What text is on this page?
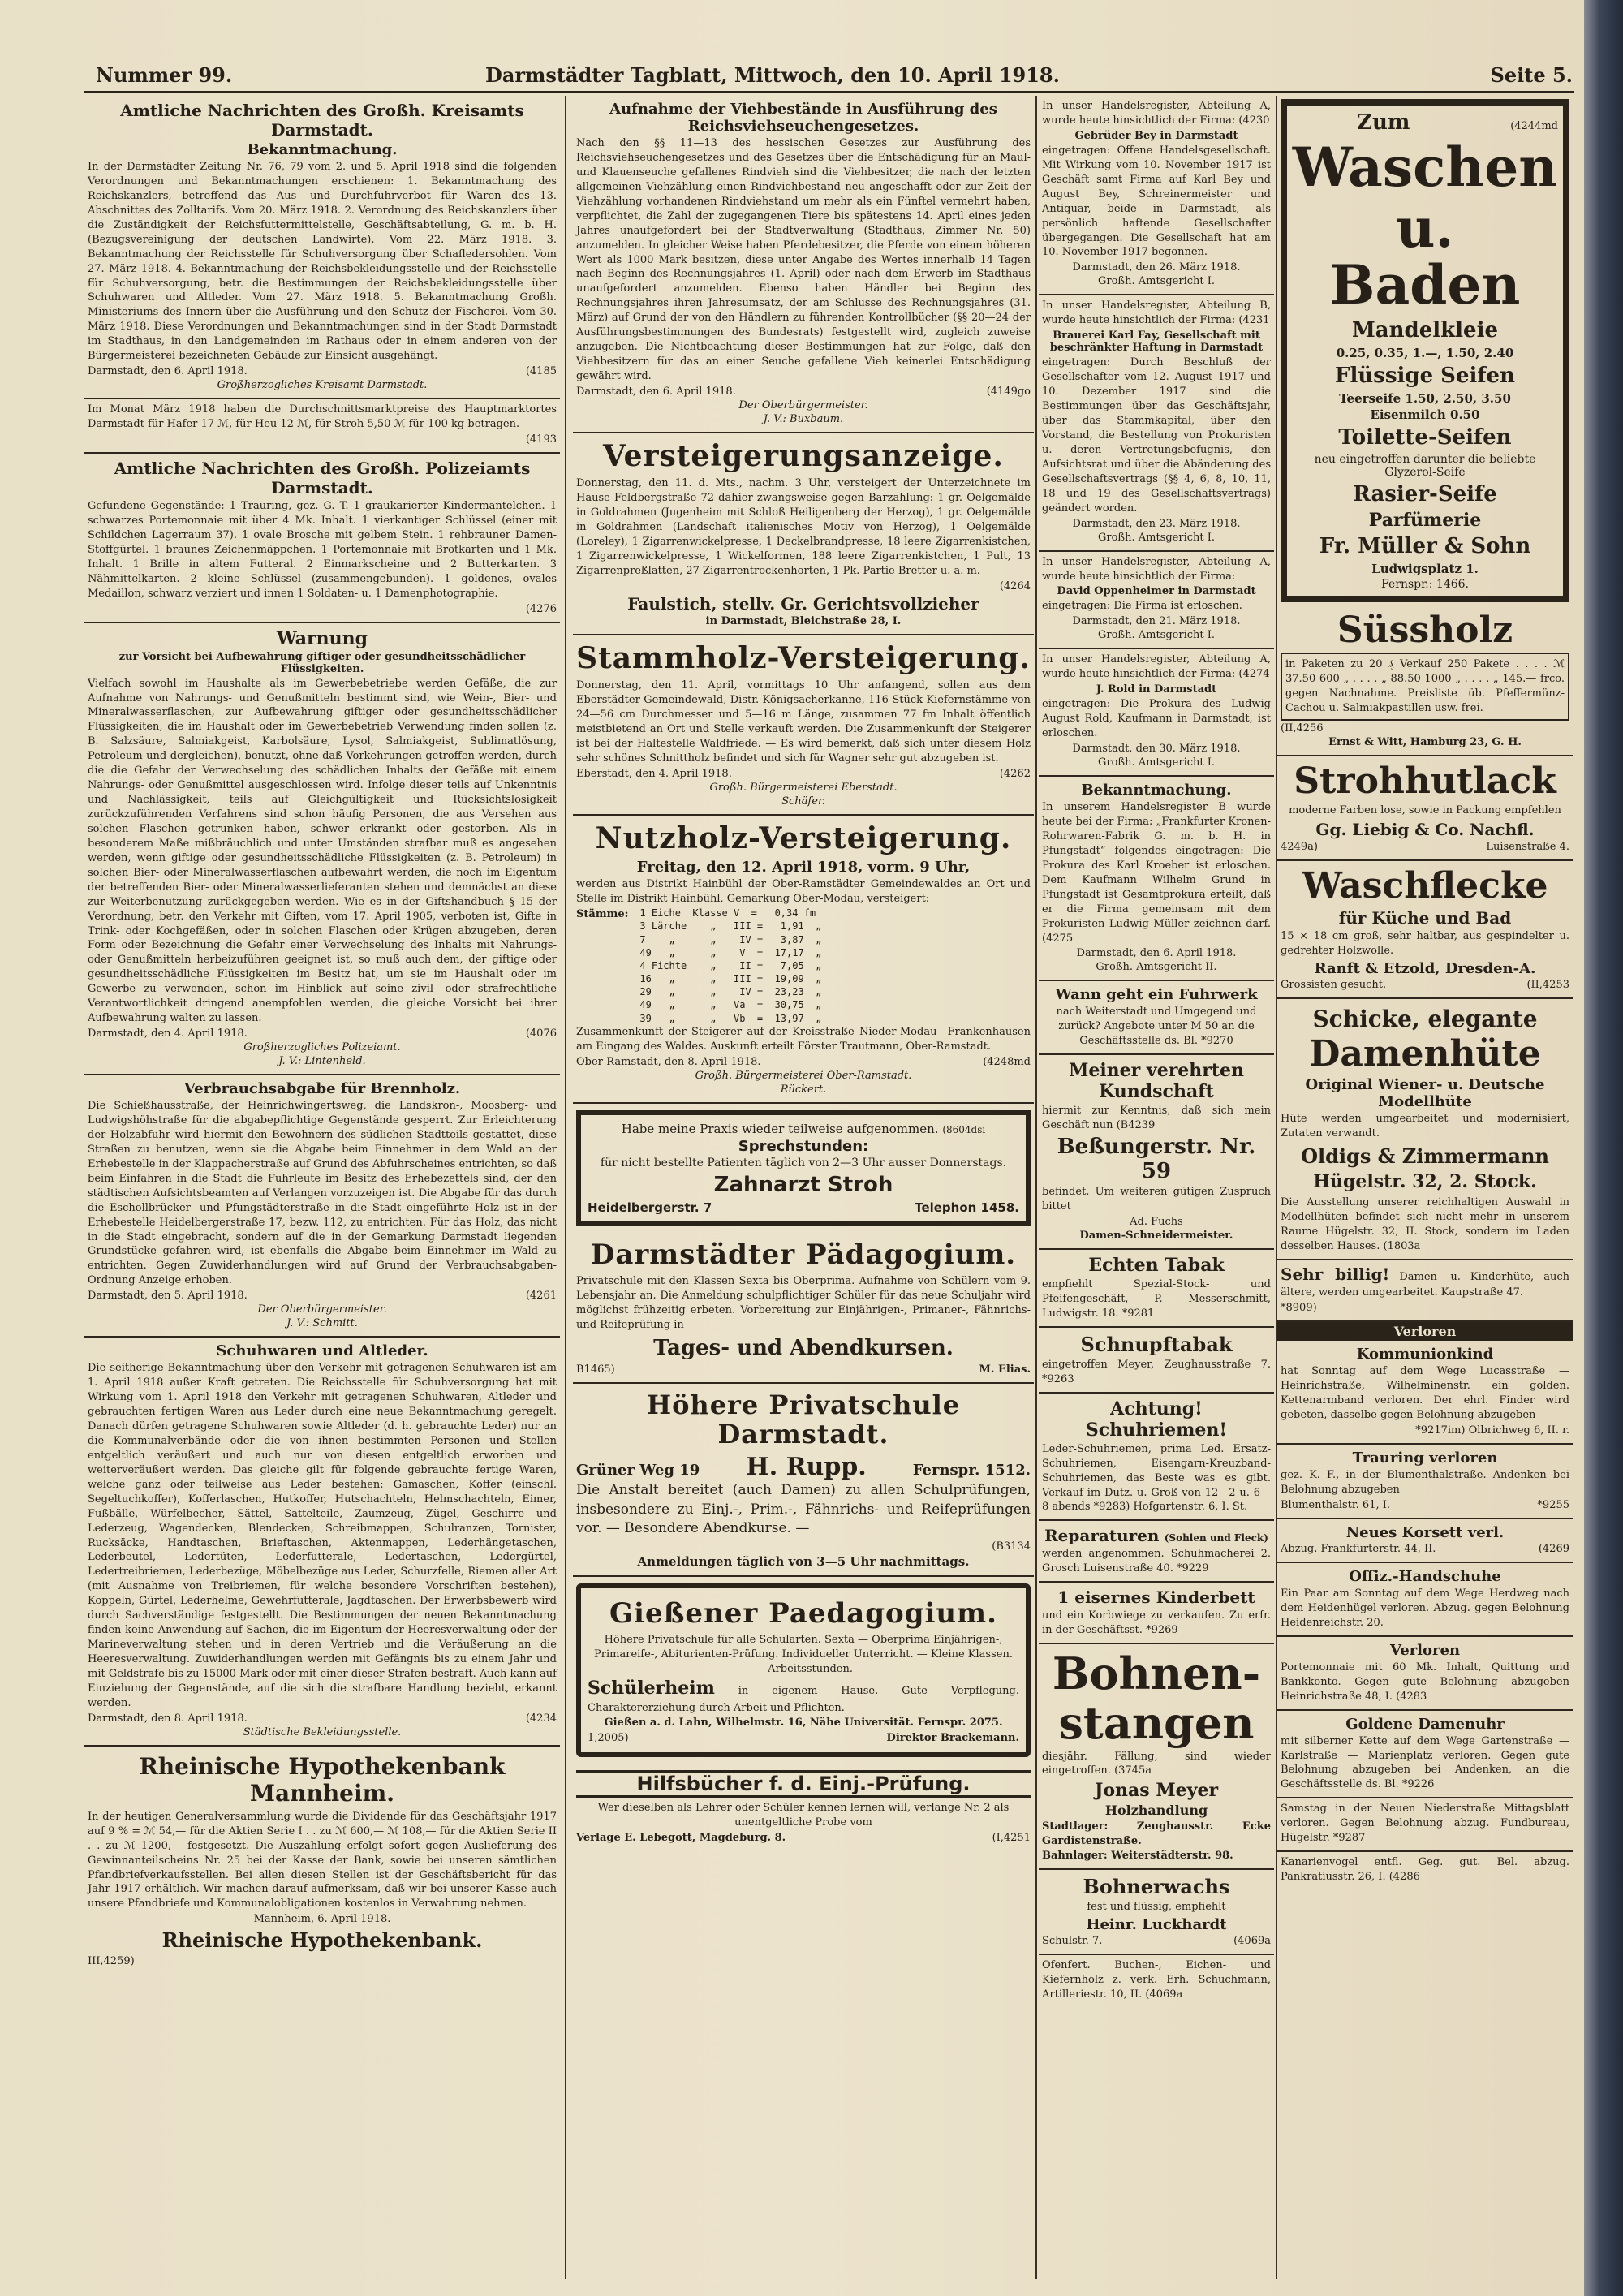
Nummer 99.	Darmstädter Tagblatt, Mittwoch, den 10. April 1918.	Seite 5.
Amtliche Nachrichten des Großh. Kreisamts Darmstadt.
Bekanntmachung.

In der Darmstädter Zeitung Nr. 76, 79 vom 2. und 5. April 1918 sind die folgenden Verordnungen und Bekanntmachungen erschienen: 1. Bekanntmachung des Reichskanzlers, betreffend das Aus- und Durchfuhrverbot für Waren des 13. Abschnittes des Zolltarifs. Vom 20. März 1918. 2. Verordnung des Reichskanzlers über die Zuständigkeit der Reichsfuttermittelstelle, Geschäftsabteilung, G. m. b. H. (Bezugsvereinigung der deutschen Landwirte). Vom 22. März 1918. 3. Bekanntmachung der Reichsstelle für Schuhversorgung über Schafledersohlen. Vom 27. März 1918. 4. Bekanntmachung der Reichsbekleidungsstelle und der Reichsstelle für Schuhversorgung, betr. die Bestimmungen der Reichsbekleidungsstelle über Schuhwaren und Altleder. Vom 27. März 1918. 5. Bekanntmachung Großh. Ministeriums des Innern über die Ausführung und den Schutz der Fischerei. Vom 30. März 1918. Diese Verordnungen und Bekanntmachungen sind in der Stadt Darmstadt im Stadthaus, in den Landgemeinden im Rathaus oder in einem anderen von der Bürgermeisterei bezeichneten Gebäude zur Einsicht ausgehängt.

Darmstadt, den 6. April 1918.	(4185
Großherzogliches Kreisamt Darmstadt.

Im Monat März 1918 haben die Durchschnittsmarktpreise des Hauptmarktortes Darmstadt für Hafer 17 ℳ, für Heu 12 ℳ, für Stroh 5,50 ℳ für 100 kg betragen.

(4193
Amtliche Nachrichten des Großh. Polizeiamts Darmstadt.

Gefundene Gegenstände: 1 Trauring, gez. G. T. 1 graukarierter Kindermantelchen. 1 schwarzes Portemonnaie mit über 4 Mk. Inhalt. 1 vierkantiger Schlüssel (einer mit Schildchen Lagerraum 37). 1 ovale Brosche mit gelbem Stein. 1 rehbrauner Damen-Stoffgürtel. 1 braunes Zeichenmäppchen. 1 Portemonnaie mit Brotkarten und 1 Mk. Inhalt. 1 Brille in altem Futteral. 2 Einmarkscheine und 2 Butterkarten. 3 Nähmittelkarten. 2 kleine Schlüssel (zusammengebunden). 1 goldenes, ovales Medaillon, schwarz verziert und innen 1 Soldaten- u. 1 Damenphotographie.

(4276
Warnung
zur Vorsicht bei Aufbewahrung giftiger oder gesundheitsschädlicher Flüssigkeiten.

Vielfach sowohl im Haushalte als im Gewerbebetriebe werden Gefäße, die zur Aufnahme von Nahrungs- und Genußmitteln bestimmt sind, wie Wein-, Bier- und Mineralwasserflaschen, zur Aufbewahrung giftiger oder gesundheitsschädlicher Flüssigkeiten, die im Haushalt oder im Gewerbebetrieb Verwendung finden sollen (z. B. Salzsäure, Salmiakgeist, Karbolsäure, Lysol, Salmiakgeist, Sublimatlösung, Petroleum und dergleichen), benutzt, ohne daß Vorkehrungen getroffen werden, durch die die Gefahr der Verwechselung des schädlichen Inhalts der Gefäße mit einem Nahrungs- oder Genußmittel ausgeschlossen wird. Infolge dieser teils auf Unkenntnis und Nachlässigkeit, teils auf Gleichgültigkeit und Rücksichtslosigkeit zurückzuführenden Verfahrens sind schon häufig Personen, die aus Versehen aus solchen Flaschen getrunken haben, schwer erkrankt oder gestorben. Als in besonderem Maße mißbräuchlich und unter Umständen strafbar muß es angesehen werden, wenn giftige oder gesundheitsschädliche Flüssigkeiten (z. B. Petroleum) in solchen Bier- oder Mineralwasserflaschen aufbewahrt werden, die noch im Eigentum der betreffenden Bier- oder Mineralwasserlieferanten stehen und demnächst an diese zur Weiterbenutzung zurückgegeben werden. Wie es in der Giftshandbuch § 15 der Verordnung, betr. den Verkehr mit Giften, vom 17. April 1905, verboten ist, Gifte in Trink- oder Kochgefäßen, oder in solchen Flaschen oder Krügen abzugeben, deren Form oder Bezeichnung die Gefahr einer Verwechselung des Inhalts mit Nahrungs- oder Genußmitteln herbeizuführen geeignet ist, so muß auch dem, der giftige oder gesundheitsschädliche Flüssigkeiten im Besitz hat, um sie im Haushalt oder im Gewerbe zu verwenden, schon im Hinblick auf seine zivil- oder strafrechtliche Verantwortlichkeit dringend anempfohlen werden, die gleiche Vorsicht bei ihrer Aufbewahrung walten zu lassen.

Darmstadt, den 4. April 1918.	(4076
Großherzogliches Polizeiamt.
J. V.: Lintenheld.
Verbrauchsabgabe für Brennholz.

Die Schießhausstraße, der Heinrichwingertsweg, die Landskron-, Moosberg- und Ludwigshöhstraße für die abgabepflichtige Gegenstände gesperrt. Zur Erleichterung der Holzabfuhr wird hiermit den Bewohnern des südlichen Stadtteils gestattet, diese Straßen zu benutzen, wenn sie die Abgabe beim Einnehmer in dem Wald an der Erhebestelle in der Klappacherstraße auf Grund des Abfuhrscheines entrichten, so daß beim Einfahren in die Stadt die Fuhrleute im Besitz des Erhebezettels sind, der den städtischen Aufsichtsbeamten auf Verlangen vorzuzeigen ist. Die Abgabe für das durch die Eschollbrücker- und Pfungstädterstraße in die Stadt eingeführte Holz ist in der Erhebestelle Heidelbergerstraße 17, bezw. 112, zu entrichten. Für das Holz, das nicht in die Stadt eingebracht, sondern auf die in der Gemarkung Darmstadt liegenden Grundstücke gefahren wird, ist ebenfalls die Abgabe beim Einnehmer im Wald zu entrichten. Gegen Zuwiderhandlungen wird auf Grund der Verbrauchsabgaben-Ordnung Anzeige erhoben.

Darmstadt, den 5. April 1918.	(4261
Der Oberbürgermeister.
J. V.: Schmitt.
Schuhwaren und Altleder.

Die seitherige Bekanntmachung über den Verkehr mit getragenen Schuhwaren ist am 1. April 1918 außer Kraft getreten. Die Reichsstelle für Schuhversorgung hat mit Wirkung vom 1. April 1918 den Verkehr mit getragenen Schuhwaren, Altleder und gebrauchten fertigen Waren aus Leder durch eine neue Bekanntmachung geregelt. Danach dürfen getragene Schuhwaren sowie Altleder (d. h. gebrauchte Leder) nur an die Kommunalverbände oder die von ihnen bestimmten Personen und Stellen entgeltlich veräußert und auch nur von diesen entgeltlich erworben und weiterveräußert werden. Das gleiche gilt für folgende gebrauchte fertige Waren, welche ganz oder teilweise aus Leder bestehen: Gamaschen, Koffer (einschl. Segeltuchkoffer), Kofferlaschen, Hutkoffer, Hutschachteln, Helmschachteln, Eimer, Fußbälle, Würfelbecher, Sättel, Sattelteile, Zaumzeug, Zügel, Geschirre und Lederzeug, Wagendecken, Blendecken, Schreibmappen, Schulranzen, Tornister, Rucksäcke, Handtaschen, Brieftaschen, Aktenmappen, Lederhängetaschen, Lederbeutel, Ledertüten, Lederfutterale, Ledertaschen, Ledergürtel, Ledertreibriemen, Lederbezüge, Möbelbezüge aus Leder, Schurzfelle, Riemen aller Art (mit Ausnahme von Treibriemen, für welche besondere Vorschriften bestehen), Koppeln, Gürtel, Lederhelme, Gewehrfutterale, Jagdtaschen. Der Erwerbsbewerb wird durch Sachverständige festgestellt. Die Bestimmungen der neuen Bekanntmachung finden keine Anwendung auf Sachen, die im Eigentum der Heeresverwaltung oder der Marineverwaltung stehen und in deren Vertrieb und die Veräußerung an die Heeresverwaltung. Zuwiderhandlungen werden mit Gefängnis bis zu einem Jahr und mit Geldstrafe bis zu 15000 Mark oder mit einer dieser Strafen bestraft. Auch kann auf Einziehung der Gegenstände, auf die sich die strafbare Handlung bezieht, erkannt werden.

Darmstadt, den 8. April 1918.	(4234
Städtische Bekleidungsstelle.
Rheinische Hypothekenbank Mannheim.

In der heutigen Generalversammlung wurde die Dividende für das Geschäftsjahr 1917 auf 9 % = ℳ 54,— für die Aktien Serie I . . zu ℳ 600,— ℳ 108,— für die Aktien Serie II . . zu ℳ 1200,— festgesetzt. Die Auszahlung erfolgt sofort gegen Auslieferung des Gewinnanteilscheins Nr. 25 bei der Kasse der Bank, sowie bei unseren sämtlichen Pfandbriefverkaufsstellen. Bei allen diesen Stellen ist der Geschäftsbericht für das Jahr 1917 erhältlich. Wir machen darauf aufmerksam, daß wir bei unserer Kasse auch unsere Pfandbriefe und Kommunalobligationen kostenlos in Verwahrung nehmen.

Mannheim, 6. April 1918.
Rheinische Hypothekenbank.
III,4259)
Aufnahme der Viehbestände in Ausführung des Reichsviehseuchengesetzes.

Nach den §§ 11—13 des hessischen Gesetzes zur Ausführung des Reichsviehseuchengesetzes und des Gesetzes über die Entschädigung für an Maul- und Klauenseuche gefallenes Rindvieh sind die Viehbesitzer, die nach der letzten allgemeinen Viehzählung einen Rindviehbestand neu angeschafft oder zur Zeit der Viehzählung vorhandenen Rindviehstand um mehr als ein Fünftel vermehrt haben, verpflichtet, die Zahl der zugegangenen Tiere bis spätestens 14. April eines jeden Jahres unaufgefordert bei der Stadtverwaltung (Stadthaus, Zimmer Nr. 50) anzumelden. In gleicher Weise haben Pferdebesitzer, die Pferde von einem höheren Wert als 1000 Mark besitzen, diese unter Angabe des Wertes innerhalb 14 Tagen nach Beginn des Rechnungsjahres (1. April) oder nach dem Erwerb im Stadthaus unaufgefordert anzumelden. Ebenso haben Händler bei Beginn des Rechnungsjahres ihren Jahresumsatz, der am Schlusse des Rechnungsjahres (31. März) auf Grund der von den Händlern zu führenden Kontrollbücher (§§ 20—24 der Ausführungsbestimmungen des Bundesrats) festgestellt wird, zugleich zuweise anzugeben. Die Nichtbeachtung dieser Bestimmungen hat zur Folge, daß den Viehbesitzern für das an einer Seuche gefallene Vieh keinerlei Entschädigung gewährt wird.

Darmstadt, den 6. April 1918.	(4149go
Der Oberbürgermeister.
J. V.: Buxbaum.
Versteigerungsanzeige.

Donnerstag, den 11. d. Mts., nachm. 3 Uhr, versteigert der Unterzeichnete im Hause Feldbergstraße 72 dahier zwangsweise gegen Barzahlung: 1 gr. Oelgemälde in Goldrahmen (Jugenheim mit Schloß Heiligenberg der Herzog), 1 gr. Oelgemälde in Goldrahmen (Landschaft italienisches Motiv von Herzog), 1 Oelgemälde (Loreley), 1 Zigarrenwickelpresse, 1 Deckelbrandpresse, 18 leere Zigarrenkistchen, 1 Zigarrenwickelpresse, 1 Wickelformen, 188 leere Zigarrenkistchen, 1 Pult, 13 Zigarrenpreßlatten, 27 Zigarrentrockenhorten, 1 Pk. Partie Bretter u. a. m.

(4264
Faulstich, stellv. Gr. Gerichtsvollzieher
in Darmstadt, Bleichstraße 28, I.
Stammholz-Versteigerung.

Donnerstag, den 11. April, vormittags 10 Uhr anfangend, sollen aus dem Eberstädter Gemeindewald, Distr. Königsacherkanne, 116 Stück Kiefernstämme von 24—56 cm Durchmesser und 5—16 m Länge, zusammen 77 fm Inhalt öffentlich meistbietend an Ort und Stelle verkauft werden. Die Zusammenkunft der Steigerer ist bei der Haltestelle Waldfriede. — Es wird bemerkt, daß sich unter diesem Holz sehr schönes Schnittholz befindet und sich für Wagner sehr gut abzugeben ist.

Eberstadt, den 4. April 1918.	(4262
Großh. Bürgermeisterei Eberstadt.
Schäfer.
Nutzholz-Versteigerung.
Freitag, den 12. April 1918, vorm. 9 Uhr,

werden aus Distrikt Hainbühl der Ober-Ramstädter Gemeindewaldes an Ort und Stelle im Distrikt Hainbühl, Gemarkung Ober-Modau, versteigert:

Stämme: 1 Eiche  Klasse V  =   0,34 fm
3 Lärche    „   III =   1,91  „
7    „      „    IV =   3,87  „
49   „      „    V  =  17,17  „
4 Fichte    „    II =   7,05  „
16   „      „   III =  19,09  „
29   „      „    IV =  23,23  „
49   „      „   Va  =  30,75  „
39   „      „   Vb  =  13,97  „

Zusammenkunft der Steigerer auf der Kreisstraße Nieder-Modau—Frankenhausen am Eingang des Waldes. Auskunft erteilt Förster Trautmann, Ober-Ramstadt.

Ober-Ramstadt, den 8. April 1918.	(4248md
Großh. Bürgermeisterei Ober-Ramstadt.
Rückert.
Habe meine Praxis wieder teilweise aufgenommen. (8604dsi
Sprechstunden:
für nicht bestellte Patienten täglich von 2—3 Uhr ausser Donnerstags.
Zahnarzt Stroh
Heidelbergerstr. 7	Telephon 1458.
Darmstädter Pädagogium.

Privatschule mit den Klassen Sexta bis Oberprima. Aufnahme von Schülern vom 9. Lebensjahr an. Die Anmeldung schulpflichtiger Schüler für das neue Schuljahr wird möglichst frühzeitig erbeten. Vorbereitung zur Einjährigen-, Primaner-, Fähnrichs- und Reifeprüfung in

Tages- und Abendkursen.
B1465)	M. Elias.
Höhere Privatschule Darmstadt.
Grüner Weg 19 H. Rupp.	Fernspr. 1512.

Die Anstalt bereitet (auch Damen) zu allen Schulprüfungen, insbesondere zu Einj.-, Prim.-, Fähnrichs- und Reifeprüfungen vor. — Besondere Abendkurse. —

(B3134
Anmeldungen täglich von 3—5 Uhr nachmittags.
Gießener Paedagogium.

Höhere Privatschule für alle Schularten. Sexta — Oberprima Einjährigen-, Primareife-, Abiturienten-Prüfung. Individueller Unterricht. — Kleine Klassen. — Arbeitsstunden.

Schülerheim in eigenem Hause. Gute Verpflegung. Charaktererziehung durch Arbeit und Pflichten.

Gießen a. d. Lahn, Wilhelmstr. 16, Nähe Universität. Fernspr. 2075.

1,2005)	Direktor Brackemann.
Hilfsbücher f. d. Einj.-Prüfung.

Wer dieselben als Lehrer oder Schüler kennen lernen will, verlange Nr. 2 als unentgeltliche Probe vom

Verlage E. Lebegott, Magdeburg. 8.	(I,4251

In unser Handelsregister, Abteilung A, wurde heute hinsichtlich der Firma: (4230

Gebrüder Bey in Darmstadt

eingetragen: Offene Handelsgesellschaft. Mit Wirkung vom 10. November 1917 ist Geschäft samt Firma auf Karl Bey und August Bey, Schreinermeister und Antiquar, beide in Darmstadt, als persönlich haftende Gesellschafter übergegangen. Die Gesellschaft hat am 10. November 1917 begonnen.

Darmstadt, den 26. März 1918.
Großh. Amtsgericht I.

In unser Handelsregister, Abteilung B, wurde heute hinsichtlich der Firma: (4231

Brauerei Karl Fay, Gesellschaft mit beschränkter Haftung in Darmstadt

eingetragen: Durch Beschluß der Gesellschafter vom 12. August 1917 und 10. Dezember 1917 sind die Bestimmungen über das Geschäftsjahr, über das Stammkapital, über den Vorstand, die Bestellung von Prokuristen u. deren Vertretungsbefugnis, den Aufsichtsrat und über die Abänderung des Gesellschaftsvertrags (§§ 4, 6, 8, 10, 11, 18 und 19 des Gesellschaftsvertrags) geändert worden.

Darmstadt, den 23. März 1918.
Großh. Amtsgericht I.

In unser Handelsregister, Abteilung A, wurde heute hinsichtlich der Firma:

David Oppenheimer in Darmstadt

eingetragen: Die Firma ist erloschen.

Darmstadt, den 21. März 1918.
Großh. Amtsgericht I.

In unser Handelsregister, Abteilung A, wurde heute hinsichtlich der Firma: (4274

J. Rold in Darmstadt

eingetragen: Die Prokura des Ludwig August Rold, Kaufmann in Darmstadt, ist erloschen.

Darmstadt, den 30. März 1918.
Großh. Amtsgericht I.
Bekanntmachung.

In unserem Handelsregister B wurde heute bei der Firma: „Frankfurter Kronen-Rohrwaren-Fabrik G. m. b. H. in Pfungstadt“ folgendes eingetragen: Die Prokura des Karl Kroeber ist erloschen. Dem Kaufmann Wilhelm Grund in Pfungstadt ist Gesamtprokura erteilt, daß er die Firma gemeinsam mit dem Prokuristen Ludwig Müller zeichnen darf. (4275

Darmstadt, den 6. April 1918.
Großh. Amtsgericht II.
Wann geht ein Fuhrwerk

nach Weiterstadt und Umgegend und zurück? Angebote unter M 50 an die Geschäftsstelle ds. Bl. *9270

Meiner verehrten Kundschaft

hiermit zur Kenntnis, daß sich mein Geschäft nun (B4239

Beßungerstr. Nr. 59

befindet. Um weiteren gütigen Zuspruch bittet

Ad. Fuchs
Damen-Schneidermeister.
Echten Tabak

empfiehlt Spezial-Stock- und Pfeifengeschäft, P. Messerschmitt, Ludwigstr. 18. *9281

Schnupftabak

eingetroffen Meyer, Zeughausstraße 7. *9263

Achtung! Schuhriemen!

Leder-Schuhriemen, prima Led. Ersatz-Schuhriemen, Eisengarn-Kreuzband-Schuhriemen, das Beste was es gibt. Verkauf im Dutz. u. Groß von 12—2 u. 6—8 abends *9283) Hofgartenstr. 6, I. St.

Reparaturen (Sohlen und Fleck)

werden angenommen. Schuhmacherei 2. Grosch Luisenstraße 40. *9229

1 eisernes Kinderbett

und ein Korbwiege zu verkaufen. Zu erfr. in der Geschäftsst. *9269

Bohnen-
stangen

diesjähr. Fällung, sind wieder eingetroffen. (3745a

Jonas Meyer
Holzhandlung

Stadtlager: Zeughausstr. Ecke Gardistenstraße.

Bahnlager: Weiterstädterstr. 98.

Bohnerwachs

fest und flüssig, empfiehlt

Heinr. Luckhardt
Schulstr. 7.	(4069a

Ofenfert. Buchen-, Eichen- und Kiefernholz z. verk. Erh. Schuchmann, Artilleriestr. 10, II. (4069a

Zum	(4244md
Waschen
u. Baden
Mandelkleie
0.25, 0.35, 1.—, 1.50, 2.40
Flüssige Seifen
Teerseife 1.50, 2.50, 3.50
Eisenmilch 0.50
Toilette-Seifen
neu eingetroffen darunter die beliebte Glyzerol-Seife
Rasier-Seife
Parfümerie
Fr. Müller & Sohn
Ludwigsplatz 1.
Fernspr.: 1466.
Süssholz

in Paketen zu 20 ₰ Verkauf 250 Pakete . . . . ℳ 37.50 600 „ . . . . „ 88.50 1000 „ . . . . „ 145.— frco. gegen Nachnahme. Preisliste üb. Pfeffermünz-Cachou u. Salmiakpastillen usw. frei.

(II,4256
Ernst & Witt, Hamburg 23, G. H.
Strohhutlack

moderne Farben lose, sowie in Packung empfehlen

Gg. Liebig & Co. Nachfl.
4249a)	Luisenstraße 4.
Waschflecke
für Küche und Bad

15 × 18 cm groß, sehr haltbar, aus gespindelter u. gedrehter Holzwolle.

Ranft & Etzold, Dresden-A.
Grossisten gesucht.	(II,4253
Schicke, elegante
Damenhüte
Original Wiener- u. Deutsche Modellhüte

Hüte werden umgearbeitet und modernisiert, Zutaten verwandt.

Oldigs & Zimmermann
Hügelstr. 32, 2. Stock.

Die Ausstellung unserer reichhaltigen Auswahl in Modellhüten befindet sich nicht mehr in unserem Raume Hügelstr. 32, II. Stock, sondern im Laden desselben Hauses. (1803a

Sehr billig! Damen- u. Kinderhüte, auch ältere, werden umgearbeitet. Kaupstraße 47.

*8909)
Verloren
Kommunionkind

hat Sonntag auf dem Wege Lucasstraße — Heinrichstraße, Wilhelminenstr. ein golden. Kettenarmband verloren. Der ehrl. Finder wird gebeten, dasselbe gegen Belohnung abzugeben

*9217im) Olbrichweg 6, II. r.
Trauring verloren

gez. K. F., in der Blumenthalstraße. Andenken bei Belohnung abzugeben

Blumenthalstr. 61, I.	*9255
Neues Korsett verl.
Abzug. Frankfurterstr. 44, II.	(4269
Offiz.-Handschuhe

Ein Paar am Sonntag auf dem Wege Herdweg nach dem Heidenhügel verloren. Abzug. gegen Belohnung Heidenreichstr. 20.

Verloren

Portemonnaie mit 60 Mk. Inhalt, Quittung und Bankkonto. Gegen gute Belohnung abzugeben Heinrichstraße 48, I. (4283

Goldene Damenuhr

mit silberner Kette auf dem Wege Gartenstraße — Karlstraße — Marienplatz verloren. Gegen gute Belohnung abzugeben bei Andenken, an die Geschäftsstelle ds. Bl. *9226

Samstag in der Neuen Niederstraße Mittagsblatt verloren. Gegen Belohnung abzug. Fundbureau, Hügelstr. *9287

Kanarienvogel entfl. Geg. gut. Bel. abzug. Pankratiusstr. 26, I. (4286
